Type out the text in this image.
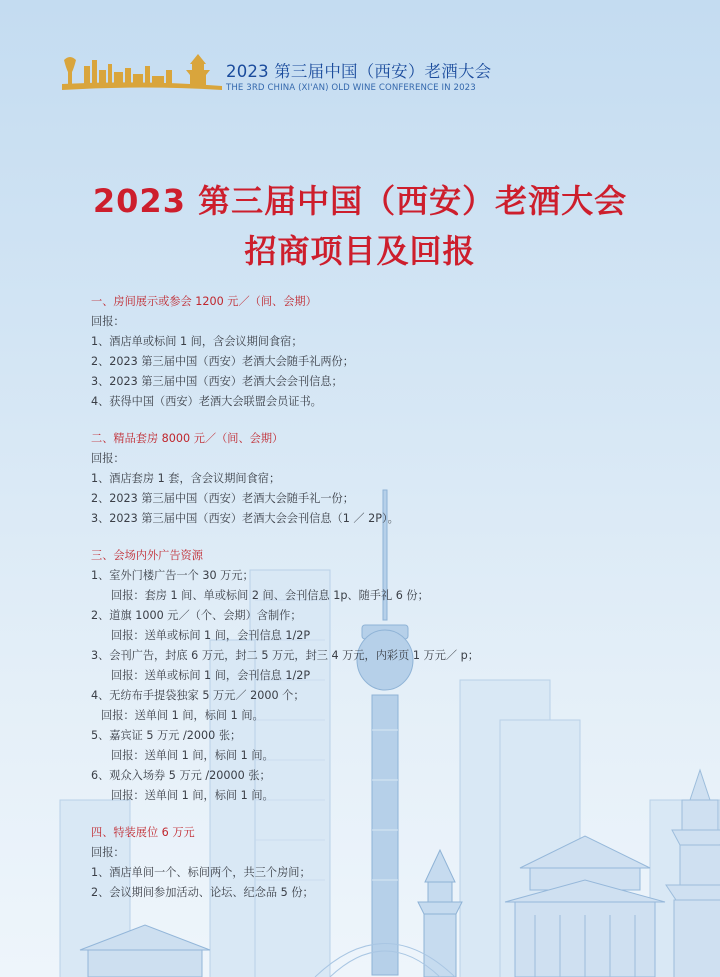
2023 第三届中国（西安）老酒大会
THE 3RD CHINA (XI'AN) OLD WINE CONFERENCE IN 2023
2023 第三届中国（西安）老酒大会
招商项目及回报
一、房间展示或参会 1200 元／（间、会期）
回报：
1、酒店单或标间 1 间，含会议期间食宿；
2、2023 第三届中国（西安）老酒大会随手礼两份；
3、2023 第三届中国（西安）老酒大会会刊信息；
4、获得中国（西安）老酒大会联盟会员证书。
二、精品套房 8000 元／（间、会期）
回报：
1、酒店套房 1 套，含会议期间食宿；
2、2023 第三届中国（西安）老酒大会随手礼一份；
3、2023 第三届中国（西安）老酒大会会刊信息（1 ／ 2P）。
三、会场内外广告资源
1、室外门楼广告一个 30 万元；
回报：套房 1 间、单或标间 2 间、会刊信息 1p、随手礼 6 份；
2、道旗 1000 元／（个、会期）含制作；
回报：送单或标间 1 间，会刊信息 1/2P
3、会刊广告，封底 6 万元，封二 5 万元，封三 4 万元，内彩页 1 万元／ p；
回报：送单或标间 1 间，会刊信息 1/2P
4、无纺布手提袋独家 5 万元／ 2000 个；
回报：送单间 1 间，标间 1 间。
5、嘉宾证 5 万元 /2000 张；
回报：送单间 1 间，标间 1 间。
6、观众入场券 5 万元 /20000 张；
回报：送单间 1 间，标间 1 间。
四、特装展位 6 万元
回报：
1、酒店单间一个、标间两个，共三个房间；
2、会议期间参加活动、论坛、纪念品 5 份；
